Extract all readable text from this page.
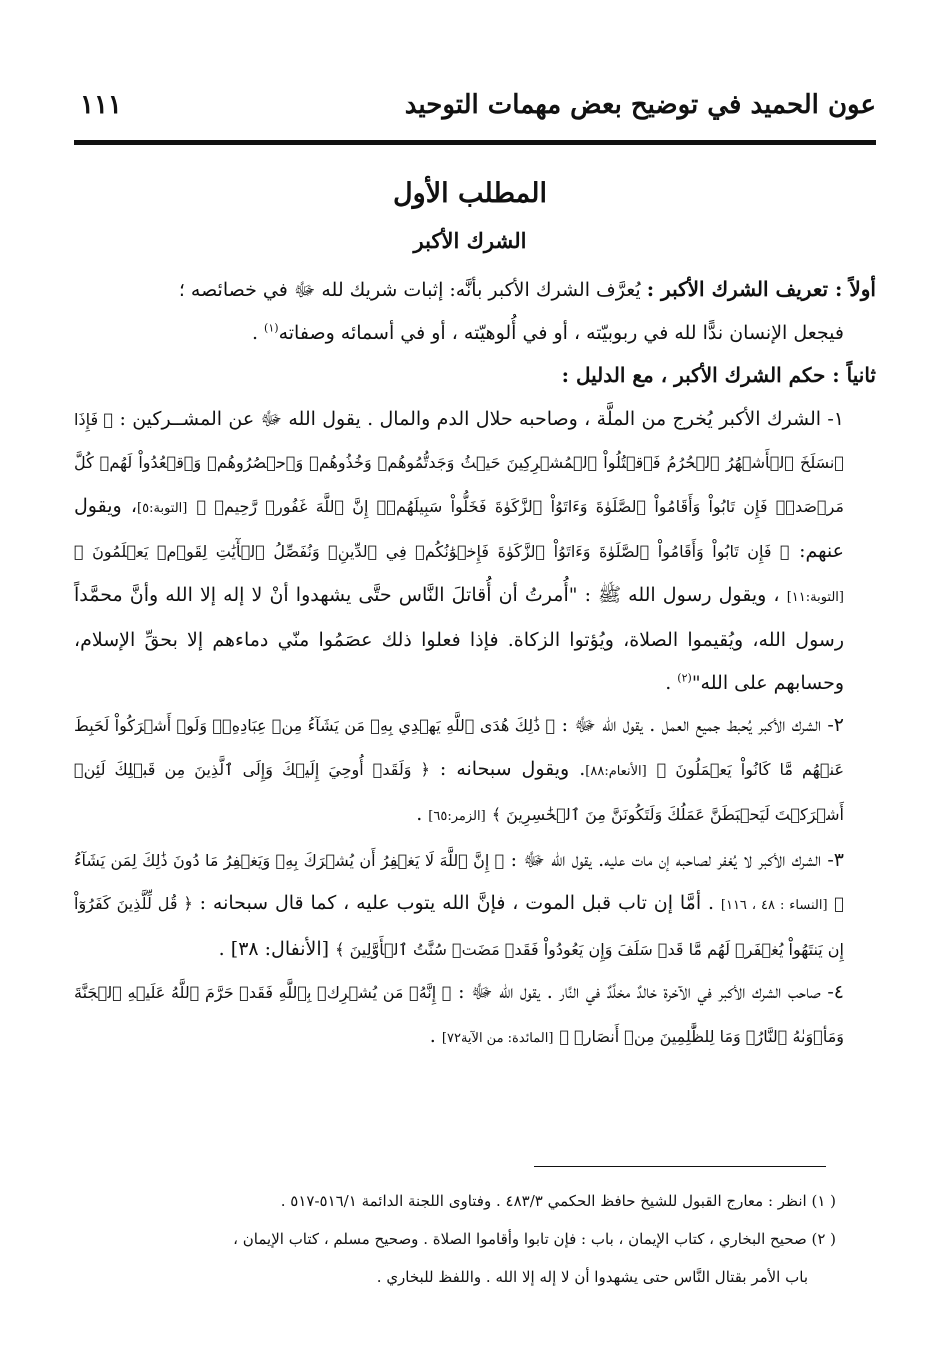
عون الحميد في توضيح بعض مهمات التوحيد
١١١
المطلب الأول
الشرك الأكبر

أولاً : تعريف الشرك الأكبر : يُعرَّف الشرك الأكبر بأنَّه: إثبات شريك لله ﷻ في خصائصه ؛

فيجعل الإنسان ندًّا لله في ربوبيّته ، أو في أُلوهيّته ، أو في أسمائه وصفاته$^{(١)}$ .

ثانياً : حكم الشرك الأكبر ، مع الدليل :

١- الشرك الأكبر يُخرج من الملَّة ، وصاحبه حلال الدم والمال . يقول الله ﷻ عن المشــركين : ﴿ فَإِذَا ٱنسَلَخَ ٱلۡأَشۡهُرُ ٱلۡحُرُمُ فَٱقۡتُلُواْ ٱلۡمُشۡرِكِينَ حَيۡثُ وَجَدتُّمُوهُمۡ وَخُذُوهُمۡ وَٱحۡصُرُوهُمۡ وَٱقۡعُدُواْ لَهُمۡ كُلَّ مَرۡصَدٖۚ فَإِن تَابُواْ وَأَقَامُواْ ٱلصَّلَوٰةَ وَءَاتَوُاْ ٱلزَّكَوٰةَ فَخَلُّواْ سَبِيلَهُمۡۚ إِنَّ ٱللَّهَ غَفُورٞ رَّحِيمٞ ﴾ [التوبة:٥]، ويقول عنهم: ﴿ فَإِن تَابُواْ وَأَقَامُواْ ٱلصَّلَوٰةَ وَءَاتَوُاْ ٱلزَّكَوٰةَ فَإِخۡوَٰنُكُمۡ فِي ٱلدِّينِۗ وَنُفَصِّلُ ٱلۡأٓيَٰتِ لِقَوۡمٖ يَعۡلَمُونَ ﴾ [التوبة:١١] ، ويقول رسول الله ﷺ : "أُمرتُ أن أُقاتلَ النَّاس حتَّى يشهدوا أنْ لا إله إلا الله وأنَّ محمَّداً رسول الله، ويُقيموا الصلاة، ويُؤتوا الزكاة. فإذا فعلوا ذلك عصَمُوا منّي دماءهم إلا بحقِّ الإسلام، وحسابهم على الله"$^{(٢)}$ .

٢- الشرك الأكبر يُحبط جميع العمل . يقول الله ﷻ : ﴿ ذَٰلِكَ هُدَى ٱللَّهِ يَهۡدِي بِهِۦ مَن يَشَآءُ مِنۡ عِبَادِهِۦۚ وَلَوۡ أَشۡرَكُواْ لَحَبِطَ عَنۡهُم مَّا كَانُواْ يَعۡمَلُونَ ﴾ [الأنعام:٨٨]. ويقول سبحانه : ﴿ وَلَقَدۡ أُوحِيَ إِلَيۡكَ وَإِلَى ٱلَّذِينَ مِن قَبۡلِكَ لَئِنۡ أَشۡرَكۡتَ لَيَحۡبَطَنَّ عَمَلُكَ وَلَتَكُونَنَّ مِنَ ٱلۡخَٰسِرِينَ ﴾ [الزمر:٦٥] .

٣- الشرك الأكبر لا يُغفر لصاحبه إن مات عليه. يقول الله ﷻ : ﴿ إِنَّ ٱللَّهَ لَا يَغۡفِرُ أَن يُشۡرَكَ بِهِۦ وَيَغۡفِرُ مَا دُونَ ذَٰلِكَ لِمَن يَشَآءُ ﴾ [النساء : ٤٨ ، ١١٦] . أمَّا إن تاب قبل الموت ، فإنَّ الله يتوب عليه ، كما قال سبحانه : ﴿ قُل لِّلَّذِينَ كَفَرُوٓاْ إِن يَنتَهُواْ يُغۡفَرۡ لَهُم مَّا قَدۡ سَلَفَ وَإِن يَعُودُواْ فَقَدۡ مَضَتۡ سُنَّتُ ٱلۡأَوَّلِينَ ﴾ [الأنفال: ٣٨] .

٤- صاحب الشرك الأكبر في الآخرة خالدٌ مخلَّدٌ في النَّار . يقول الله ﷻ : ﴿ إِنَّهُۥ مَن يُشۡرِكۡ بِٱللَّهِ فَقَدۡ حَرَّمَ ٱللَّهُ عَلَيۡهِ ٱلۡجَنَّةَ وَمَأۡوَىٰهُ ٱلنَّارُۖ وَمَا لِلظَّٰلِمِينَ مِنۡ أَنصَارٖ ﴾ [المائدة: من الآية٧٢] .

( ١) انظر : معارج القبول للشيخ حافظ الحكمي ٤٨٣/٣ . وفتاوى اللجنة الدائمة ٥١٦/١-٥١٧ .

( ٢) صحيح البخاري ، كتاب الإيمان ، باب : فإن تابوا وأقاموا الصلاة . وصحيح مسلم ، كتاب الإيمان ،

باب الأمر بقتال النَّاس حتى يشهدوا أن لا إله إلا الله . واللفظ للبخاري .
